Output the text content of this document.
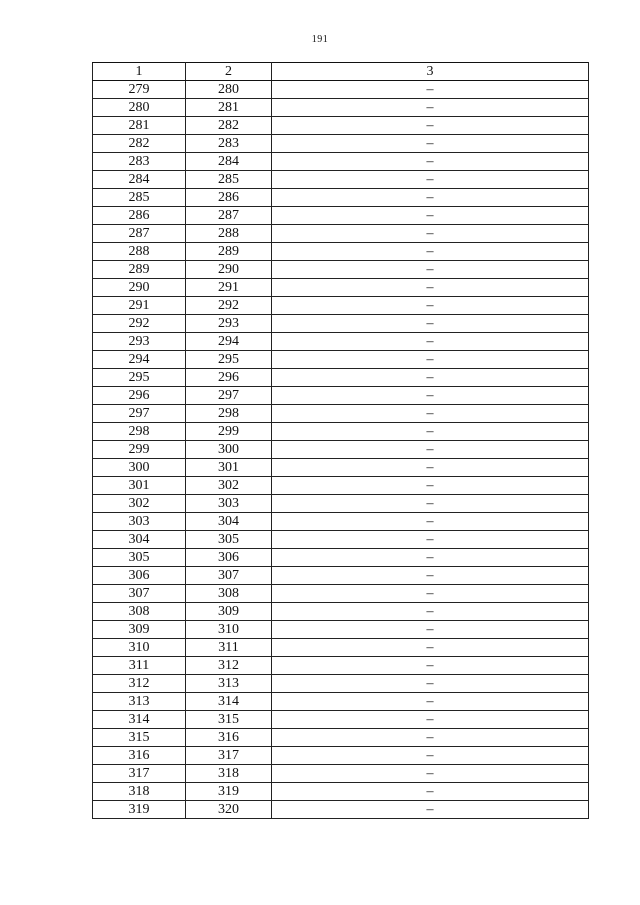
191
1	2	3
279	280	–
280	281	–
281	282	–
282	283	–
283	284	–
284	285	–
285	286	–
286	287	–
287	288	–
288	289	–
289	290	–
290	291	–
291	292	–
292	293	–
293	294	–
294	295	–
295	296	–
296	297	–
297	298	–
298	299	–
299	300	–
300	301	–
301	302	–
302	303	–
303	304	–
304	305	–
305	306	–
306	307	–
307	308	–
308	309	–
309	310	–
310	311	–
311	312	–
312	313	–
313	314	–
314	315	–
315	316	–
316	317	–
317	318	–
318	319	–
319	320	–
